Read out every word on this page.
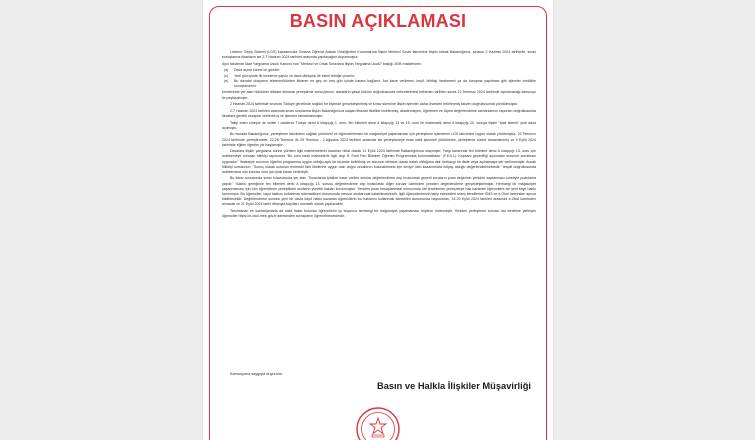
BASIN AÇIKLAMASI

Liselere Geçiş Sistemi (LGS) kapsamında Sınavla Öğrenci Alacak Ortaöğretim Kurumlarına İlişkin Merkezî Sınav takvimine ilişkin olarak Bakanlığımız, sınavın 2 Haziran 2024 tarihinde, sınav sonuçlarına itirazların ise 2-7 Haziran 2024 tarihleri arasında yapılacağını duyurmuştur.

Aynı takvimde İdari Yargılama Usulü Kanunu'nun "Merkezi ve Ortak Sınavlara İlişkin Yargılama Usulü" başlığı 20/B maddesinin;

(a)	Dava açma süresi on gündür.
(c)	Yedi gün içinde ilk inceleme yapılır ve dava dilekçesi ile ekleri tebliğe çıkarılır.
(e)	Bu davalar dosyanın tekemmülünden itibaren en geç on beş gün içinde karara bağlanır. Ara karar verilmesi, keşif, bilirkişi incelemesi ya da duruşma yapılması gibi işlemler ivedilikle sonuçlandırılır.

bentlerinde yer alan hükümler dikkate alınarak yerleştirme sonuçlarının, davaların yasal hüküm doğrultusunda neticelenmesi beklenen tarihten sonra 22 Temmuz 2024 tarihinde açıklanacağı kamuoyu ile paylaşılmıştır.

2 Haziran 2024 tarihinde sınavlar Türkiye genelinde sağlıklı bir biçimde gerçekleştirilmiş ve sınav sürecine ilişkin işlemler daha önceden belirlenmiş takvim doğrultusunda yürütülmüştür.

2-7 Haziran 2024 tarihleri arasında sınav sorularına ilişkin Bakanlığımıza ulaşan itirazlar titizlikle incelenmiş; akademisyen, öğretmen ve ölçme değerlendirme uzmanlarının raporları doğrultusunda itirazlara gerekli cevaplar verilerek iş ve işlemler tamamlanmıştır.

Takip eden süreçte de veliler / vasilerce Türkçe dersi A kitapçığı 1. soru, fen bilimleri dersi A kitapçığı 13 ve 15. soru ile matematik dersi A kitapçığı 20. soruya ilişkin "iptal istemli" yedi dava açılmıştır.

Bu esnada Bakanlığımız, yerleştirme takviminin sağlıklı yürümesi ve öğrencilerimizin bir mağduriyet yaşamaması için yerleştirme işlemlerini LGS takvimine uygun olarak yürütmüştür. 22 Temmuz 2024 tarihinde yerleştirmeler, 22-26 Temmuz ile 29 Temmuz - 2 Ağustos 2024 tarihleri arasında ise yerleştirmeye esas nakil işlemleri yürütülerek, yerleştirme süreci tamamlanmış ve 9 Eylül 2024 tarihinde eğitim öğretim yılı başlamıştır.

Davalara ilişkin yargılama süreci yürüten ilgili mahkemelerin kararları nihai olarak 11 Eylül 2024 tarihinde Bakanlığımıza ulaşmıştır. Yargı kararında fen bilimleri dersi A kitapçığı 13. soru için mahkemeye sunulan bilirkişi raporunda "Bu soru basit makinelerle ilgili olup 8. Sınıf Fen Bilimleri Öğretim Programında bulunmaktadır. (F.8.5.1). Kapsam geçerliliği açısından sorunun sorulması uygundur." ifadesiyle sorunun öğretim programına uygun olduğu açık bir biçimde belirtilmiş ve sorunun bilimsel olarak hatalı olduğuna dair herhangi bir ifade veya açıklamaya yer verilmemiştir. Ancak bilirkişi sunulunun, "Sonuç olarak sorunun evrensel fizik ilkelerine uygun olan doğru cevabının bulunabilmesi için seviye üstü kazanımlara ihtiyaç olduğu değerlendirilmektedir." tespiti doğrultusunda mahkemece söz konusu soru için iptal kararı verilmiştir.

Bu karar sonucunda sınav kılavuzunda yer alan "Sınavlarda iptaline karar verilen sorular değerlendirme dışı bırakılarak geçerli soruların puan değerinin yeniden saptanması suretiyle puanlama yapılır." hükmü gereğince fen bilimleri dersi A kitapçığı 13. sorusu değerlendirme dışı bırakılarak diğer sorular üzerinden yeniden değerlendirme gerçekleştirilmiştir. Herhangi bir mağduriyet yaşanmaması için tüm öğrencilerin yerleştikleri okulların yönetik hakları korunmuştur. Yeniden puan hesaplanması sonucunda üst tercihlerine yerleşmeye hak kazanan öğrencilere ise yeni kayıt hakkı tanınmıştır. Bu öğrenciler, kayıt hakkını kullanmak istemedikleri durumunda mevcut okullarında kalabileceklerdir. İlgili öğrencilerimizin takip edecekleri süreç kendilerine SMS ve e-Okul üzerinden ayrıca bildirilecektir. Değerlendirme sonrası yeni bir okula kayıt hakkı kazanan öğrencilerin bu haklarını kullanmak istemeleri durumunda başvuruları, 14-20 Eylül 2024 tarihleri arasında e-Okul üzerinden alınacak ve 21 Eylül 2024 tarihi itibarıyla kayıtları otomatik olarak yapılacaktır.

Tanımlanan ek kontenjanlarla da nakli hakkı bulunan öğrencilerin iyi boyunca herhangi bir mağduriyet yaşamaması böylece önlenmiştir. Yeniden yerleştirme sonucu üst tercihine yerleşen öğrenciler https://e-okul.meb.gov.tr adresinden sonuçlarını öğrenebileceklerdir.

Kamuoyuna saygıyla duyurulur.
Basın ve Halkla İlişkiler Müşavirliği
